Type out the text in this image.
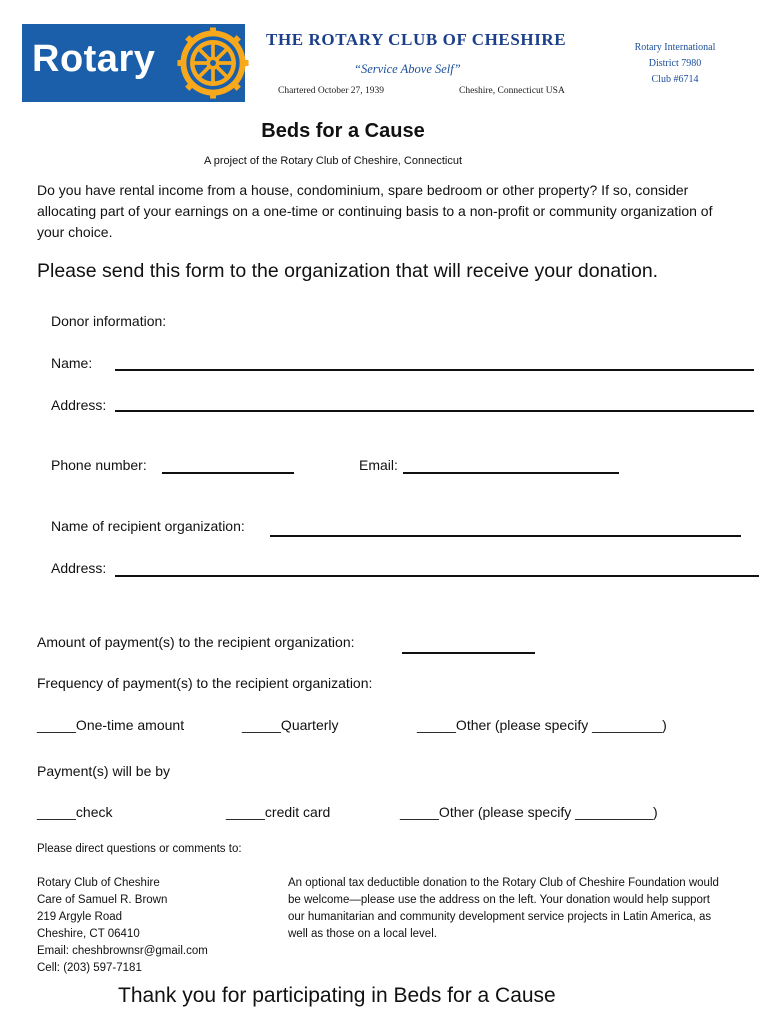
Rotary	THE ROTARY CLUB OF CHESHIRE
“Service Above Self”
Chartered October 27, 1939	Cheshire, Connecticut USA
Rotary International
District 7980
Club #6714
Beds for a Cause
A project of the Rotary Club of Cheshire, Connecticut
Do you have rental income from a house, condominium, spare bedroom or other property? If so, consider allocating part of your earnings on a one-time or continuing basis to a non-profit or community organization of your choice.
Please send this form to the organization that will receive your donation.
Donor information:
Name:
Address:
Phone number:	Email:
Name of recipient organization:
Address:
Amount of payment(s) to the recipient organization:
Frequency of payment(s) to the recipient organization:
_____One-time amount	_____Quarterly	_____Other (please specify _________)
Payment(s) will be by
_____check	_____credit card	_____Other (please specify __________)
Please direct questions or comments to:
Rotary Club of Cheshire
Care of Samuel R. Brown
219 Argyle Road
Cheshire, CT 06410
Email: cheshbrownsr@gmail.com
Cell: (203) 597-7181
An optional tax deductible donation to the Rotary Club of Cheshire Foundation would be welcome—please use the address on the left. Your donation would help support our humanitarian and community development service projects in Latin America, as well as those on a local level.
Thank you for participating in Beds for a Cause
